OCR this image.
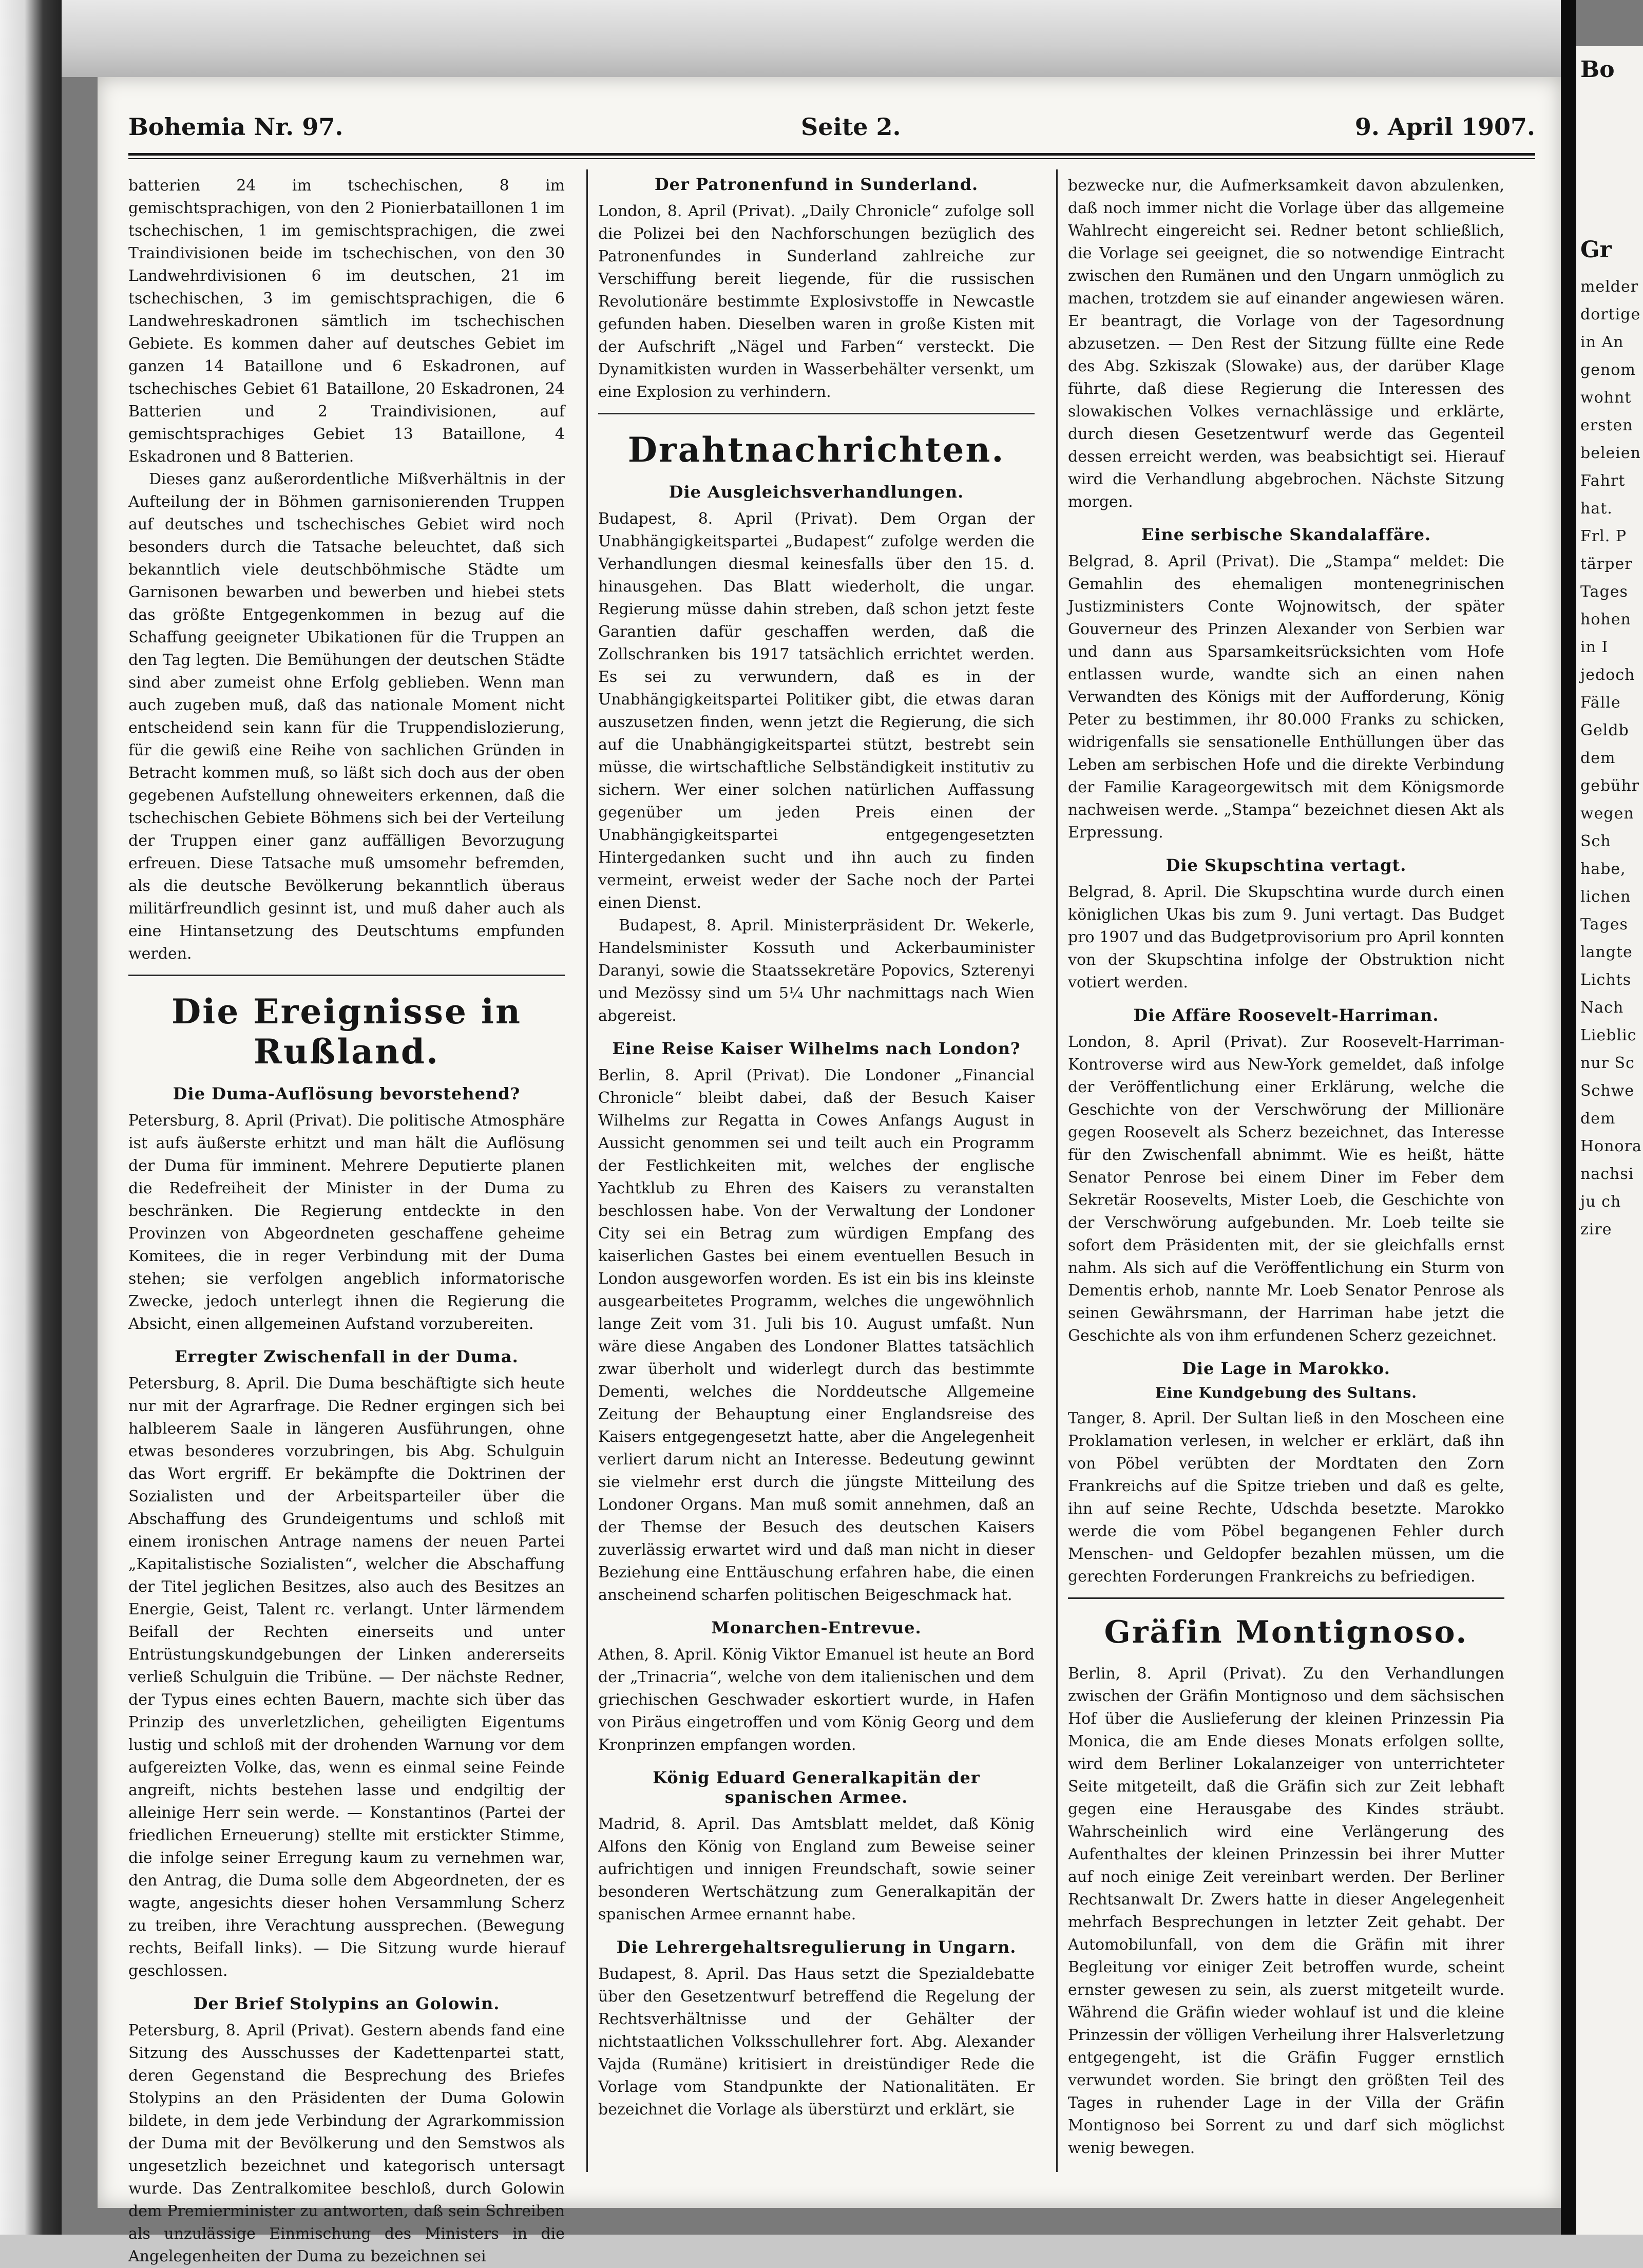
Bohemia Nr. 97.	Seite 2.	9. April 1907.

batterien 24 im tschechischen, 8 im gemischtsprachigen, von den 2 Pionierbataillonen 1 im tschechischen, 1 im gemischtsprachigen, die zwei Traindivisionen beide im tschechischen, von den 30 Landwehrdivisionen 6 im deutschen, 21 im tschechischen, 3 im gemischtsprachigen, die 6 Landwehreskadronen sämtlich im tschechischen Gebiete. Es kommen daher auf deutsches Gebiet im ganzen 14 Bataillone und 6 Eskadronen, auf tschechisches Gebiet 61 Bataillone, 20 Eskadronen, 24 Batterien und 2 Traindivisionen, auf gemischtsprachiges Gebiet 13 Bataillone, 4 Eskadronen und 8 Batterien.

Dieses ganz außerordentliche Mißverhältnis in der Aufteilung der in Böhmen garnisonierenden Truppen auf deutsches und tschechisches Gebiet wird noch besonders durch die Tatsache beleuchtet, daß sich bekanntlich viele deutschböhmische Städte um Garnisonen bewarben und bewerben und hiebei stets das größte Entgegenkommen in bezug auf die Schaffung geeigneter Ubikationen für die Truppen an den Tag legten. Die Bemühungen der deutschen Städte sind aber zumeist ohne Erfolg geblieben. Wenn man auch zugeben muß, daß das nationale Moment nicht entscheidend sein kann für die Truppendislozierung, für die gewiß eine Reihe von sachlichen Gründen in Betracht kommen muß, so läßt sich doch aus der oben gegebenen Aufstellung ohneweiters erkennen, daß die tschechischen Gebiete Böhmens sich bei der Verteilung der Truppen einer ganz auffälligen Bevorzugung erfreuen. Diese Tatsache muß umsomehr befremden, als die deutsche Bevölkerung bekanntlich überaus militärfreundlich gesinnt ist, und muß daher auch als eine Hintansetzung des Deutschtums empfunden werden.

Die Ereignisse in Rußland.
Die Duma-Auflösung bevorstehend?

Petersburg, 8. April (Privat). Die politische Atmosphäre ist aufs äußerste erhitzt und man hält die Auflösung der Duma für imminent. Mehrere Deputierte planen die Redefreiheit der Minister in der Duma zu beschränken. Die Regierung entdeckte in den Provinzen von Abgeordneten geschaffene geheime Komitees, die in reger Verbindung mit der Duma stehen; sie verfolgen angeblich informatorische Zwecke, jedoch unterlegt ihnen die Regierung die Absicht, einen allgemeinen Aufstand vorzubereiten.

Erregter Zwischenfall in der Duma.

Petersburg, 8. April. Die Duma beschäftigte sich heute nur mit der Agrarfrage. Die Redner ergingen sich bei halbleerem Saale in längeren Ausführungen, ohne etwas besonderes vorzubringen, bis Abg. Schulguin das Wort ergriff. Er bekämpfte die Doktrinen der Sozialisten und der Arbeitsparteiler über die Abschaffung des Grundeigentums und schloß mit einem ironischen Antrage namens der neuen Partei „Kapitalistische Sozialisten“, welcher die Abschaffung der Titel jeglichen Besitzes, also auch des Besitzes an Energie, Geist, Talent rc. verlangt. Unter lärmendem Beifall der Rechten einerseits und unter Entrüstungskundgebungen der Linken andererseits verließ Schulguin die Tribüne. — Der nächste Redner, der Typus eines echten Bauern, machte sich über das Prinzip des unverletzlichen, geheiligten Eigentums lustig und schloß mit der drohenden Warnung vor dem aufgereizten Volke, das, wenn es einmal seine Feinde angreift, nichts bestehen lasse und endgiltig der alleinige Herr sein werde. — Konstantinos (Partei der friedlichen Erneuerung) stellte mit erstickter Stimme, die infolge seiner Erregung kaum zu vernehmen war, den Antrag, die Duma solle dem Abgeordneten, der es wagte, angesichts dieser hohen Versammlung Scherz zu treiben, ihre Verachtung aussprechen. (Bewegung rechts, Beifall links). — Die Sitzung wurde hierauf geschlossen.

Der Brief Stolypins an Golowin.

Petersburg, 8. April (Privat). Gestern abends fand eine Sitzung des Ausschusses der Kadettenpartei statt, deren Gegenstand die Besprechung des Briefes Stolypins an den Präsidenten der Duma Golowin bildete, in dem jede Verbindung der Agrarkommission der Duma mit der Bevölkerung und den Semstwos als ungesetzlich bezeichnet und kategorisch untersagt wurde. Das Zentralkomitee beschloß, durch Golowin dem Premierminister zu antworten, daß sein Schreiben als unzulässige Einmischung des Ministers in die Angelegenheiten der Duma zu bezeichnen sei

Der Patronenfund in Sunderland.

London, 8. April (Privat). „Daily Chronicle“ zufolge soll die Polizei bei den Nachforschungen bezüglich des Patronenfundes in Sunderland zahlreiche zur Verschiffung bereit liegende, für die russischen Revolutionäre bestimmte Explosivstoffe in Newcastle gefunden haben. Dieselben waren in große Kisten mit der Aufschrift „Nägel und Farben“ versteckt. Die Dynamitkisten wurden in Wasserbehälter versenkt, um eine Explosion zu verhindern.

Drahtnachrichten.
Die Ausgleichsverhandlungen.

Budapest, 8. April (Privat). Dem Organ der Unabhängigkeitspartei „Budapest“ zufolge werden die Verhandlungen diesmal keinesfalls über den 15. d. hinausgehen. Das Blatt wiederholt, die ungar. Regierung müsse dahin streben, daß schon jetzt feste Garantien dafür geschaffen werden, daß die Zollschranken bis 1917 tatsächlich errichtet werden. Es sei zu verwundern, daß es in der Unabhängigkeitspartei Politiker gibt, die etwas daran auszusetzen finden, wenn jetzt die Regierung, die sich auf die Unabhängigkeitspartei stützt, bestrebt sein müsse, die wirtschaftliche Selbständigkeit institutiv zu sichern. Wer einer solchen natürlichen Auffassung gegenüber um jeden Preis einen der Unabhängigkeitspartei entgegengesetzten Hintergedanken sucht und ihn auch zu finden vermeint, erweist weder der Sache noch der Partei einen Dienst.

Budapest, 8. April. Ministerpräsident Dr. Wekerle, Handelsminister Kossuth und Ackerbauminister Daranyi, sowie die Staatssekretäre Popovics, Szterenyi und Mezössy sind um 5¼ Uhr nachmittags nach Wien abgereist.

Eine Reise Kaiser Wilhelms nach London?

Berlin, 8. April (Privat). Die Londoner „Financial Chronicle“ bleibt dabei, daß der Besuch Kaiser Wilhelms zur Regatta in Cowes Anfangs August in Aussicht genommen sei und teilt auch ein Programm der Festlichkeiten mit, welches der englische Yachtklub zu Ehren des Kaisers zu veranstalten beschlossen habe. Von der Verwaltung der Londoner City sei ein Betrag zum würdigen Empfang des kaiserlichen Gastes bei einem eventuellen Besuch in London ausgeworfen worden. Es ist ein bis ins kleinste ausgearbeitetes Programm, welches die ungewöhnlich lange Zeit vom 31. Juli bis 10. August umfaßt. Nun wäre diese Angaben des Londoner Blattes tatsächlich zwar überholt und widerlegt durch das bestimmte Dementi, welches die Norddeutsche Allgemeine Zeitung der Behauptung einer Englandsreise des Kaisers entgegengesetzt hatte, aber die Angelegenheit verliert darum nicht an Interesse. Bedeutung gewinnt sie vielmehr erst durch die jüngste Mitteilung des Londoner Organs. Man muß somit annehmen, daß an der Themse der Besuch des deutschen Kaisers zuverlässig erwartet wird und daß man nicht in dieser Beziehung eine Enttäuschung erfahren habe, die einen anscheinend scharfen politischen Beigeschmack hat.

Monarchen-Entrevue.

Athen, 8. April. König Viktor Emanuel ist heute an Bord der „Trinacria“, welche von dem italienischen und dem griechischen Geschwader eskortiert wurde, in Hafen von Piräus eingetroffen und vom König Georg und dem Kronprinzen empfangen worden.

König Eduard Generalkapitän der spanischen Armee.

Madrid, 8. April. Das Amtsblatt meldet, daß König Alfons den König von England zum Beweise seiner aufrichtigen und innigen Freundschaft, sowie seiner besonderen Wertschätzung zum Generalkapitän der spanischen Armee ernannt habe.

Die Lehrergehaltsregulierung in Ungarn.

Budapest, 8. April. Das Haus setzt die Spezialdebatte über den Gesetzentwurf betreffend die Regelung der Rechtsverhältnisse und der Gehälter der nichtstaatlichen Volksschullehrer fort. Abg. Alexander Vajda (Rumäne) kritisiert in dreistündiger Rede die Vorlage vom Standpunkte der Nationalitäten. Er bezeichnet die Vorlage als überstürzt und erklärt, sie

bezwecke nur, die Aufmerksamkeit davon abzulenken, daß noch immer nicht die Vorlage über das allgemeine Wahlrecht eingereicht sei. Redner betont schließlich, die Vorlage sei geeignet, die so notwendige Eintracht zwischen den Rumänen und den Ungarn unmöglich zu machen, trotzdem sie auf einander angewiesen wären. Er beantragt, die Vorlage von der Tagesordnung abzusetzen. — Den Rest der Sitzung füllte eine Rede des Abg. Szkiszak (Slowake) aus, der darüber Klage führte, daß diese Regierung die Interessen des slowakischen Volkes vernachlässige und erklärte, durch diesen Gesetzentwurf werde das Gegenteil dessen erreicht werden, was beabsichtigt sei. Hierauf wird die Verhandlung abgebrochen. Nächste Sitzung morgen.

Eine serbische Skandalaffäre.

Belgrad, 8. April (Privat). Die „Stampa“ meldet: Die Gemahlin des ehemaligen montenegrinischen Justizministers Conte Wojnowitsch, der später Gouverneur des Prinzen Alexander von Serbien war und dann aus Sparsamkeitsrücksichten vom Hofe entlassen wurde, wandte sich an einen nahen Verwandten des Königs mit der Aufforderung, König Peter zu bestimmen, ihr 80.000 Franks zu schicken, widrigenfalls sie sensationelle Enthüllungen über das Leben am serbischen Hofe und die direkte Verbindung der Familie Karageorgewitsch mit dem Königsmorde nachweisen werde. „Stampa“ bezeichnet diesen Akt als Erpressung.

Die Skupschtina vertagt.

Belgrad, 8. April. Die Skupschtina wurde durch einen königlichen Ukas bis zum 9. Juni vertagt. Das Budget pro 1907 und das Budgetprovisorium pro April konnten von der Skupschtina infolge der Obstruktion nicht votiert werden.

Die Affäre Roosevelt-Harriman.

London, 8. April (Privat). Zur Roosevelt-Harriman-Kontroverse wird aus New-York gemeldet, daß infolge der Veröffentlichung einer Erklärung, welche die Geschichte von der Verschwörung der Millionäre gegen Roosevelt als Scherz bezeichnet, das Interesse für den Zwischenfall abnimmt. Wie es heißt, hätte Senator Penrose bei einem Diner im Feber dem Sekretär Roosevelts, Mister Loeb, die Geschichte von der Verschwörung aufgebunden. Mr. Loeb teilte sie sofort dem Präsidenten mit, der sie gleichfalls ernst nahm. Als sich auf die Veröffentlichung ein Sturm von Dementis erhob, nannte Mr. Loeb Senator Penrose als seinen Gewährsmann, der Harriman habe jetzt die Geschichte als von ihm erfundenen Scherz gezeichnet.

Die Lage in Marokko.
Eine Kundgebung des Sultans.

Tanger, 8. April. Der Sultan ließ in den Moscheen eine Proklamation verlesen, in welcher er erklärt, daß ihn von Pöbel verübten der Mordtaten den Zorn Frankreichs auf die Spitze trieben und daß es gelte, ihn auf seine Rechte, Udschda besetzte. Marokko werde die vom Pöbel begangenen Fehler durch Menschen- und Geldopfer bezahlen müssen, um die gerechten Forderungen Frankreichs zu befriedigen.

Gräfin Montignoso.

Berlin, 8. April (Privat). Zu den Verhandlungen zwischen der Gräfin Montignoso und dem sächsischen Hof über die Auslieferung der kleinen Prinzessin Pia Monica, die am Ende dieses Monats erfolgen sollte, wird dem Berliner Lokalanzeiger von unterrichteter Seite mitgeteilt, daß die Gräfin sich zur Zeit lebhaft gegen eine Herausgabe des Kindes sträubt. Wahrscheinlich wird eine Verlängerung des Aufenthaltes der kleinen Prinzessin bei ihrer Mutter auf noch einige Zeit vereinbart werden. Der Berliner Rechtsanwalt Dr. Zwers hatte in dieser Angelegenheit mehrfach Besprechungen in letzter Zeit gehabt. Der Automobilunfall, von dem die Gräfin mit ihrer Begleitung vor einiger Zeit betroffen wurde, scheint ernster gewesen zu sein, als zuerst mitgeteilt wurde. Während die Gräfin wieder wohlauf ist und die kleine Prinzessin der völligen Verheilung ihrer Halsverletzung entgegengeht, ist die Gräfin Fugger ernstlich verwundet worden. Sie bringt den größten Teil des Tages in ruhender Lage in der Villa der Gräfin Montignoso bei Sorrent zu und darf sich möglichst wenig bewegen.

Bo
Gr
melder
dortige
in An
genom
wohnt
ersten
beleien
Fahrt
hat.
Frl. P
tärper
Tages
hohen
in I
jedoch
Fälle
Geldb
dem
gebühr
wegen
Sch
habe,
lichen
Tages
langte
Lichts
Nach
Lieblic
nur Sc
Schwe
dem
Honora
nachsi
ju ch
zire
